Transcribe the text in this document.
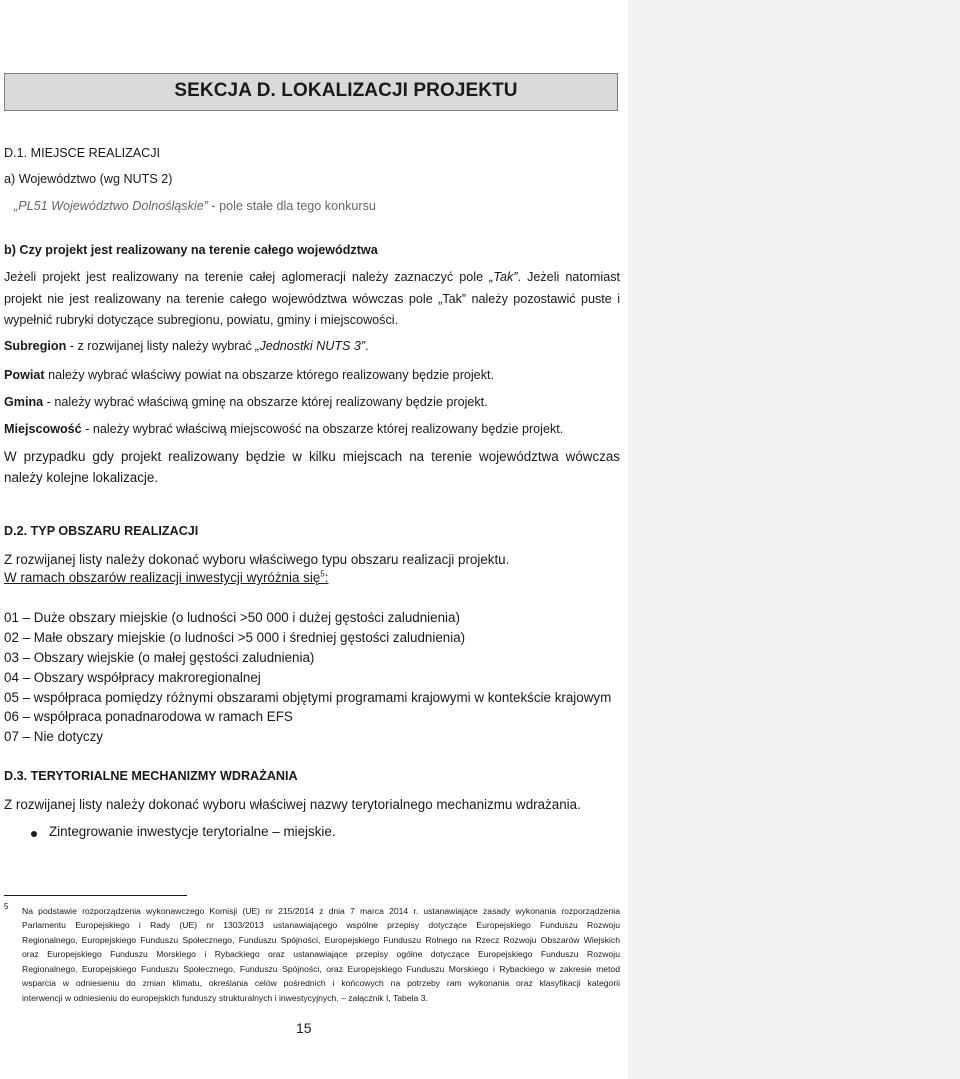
SEKCJA D. LOKALIZACJI PROJEKTU
D.1. MIEJSCE REALIZACJI
a) Województwo (wg NUTS 2)
„PL51 Województwo Dolnośląskie” - pole stałe dla tego konkursu
b) Czy projekt jest realizowany na terenie całego województwa
Jeżeli projekt jest realizowany na terenie całej aglomeracji należy zaznaczyć pole „Tak”. Jeżeli natomiast projekt nie jest realizowany na terenie całego województwa wówczas pole „Tak” należy pozostawić puste i wypełnić rubryki dotyczące subregionu, powiatu, gminy i miejscowości.
Subregion - z rozwijanej listy należy wybrać „Jednostki NUTS 3”.
Powiat należy wybrać właściwy powiat na obszarze którego realizowany będzie projekt.
Gmina - należy wybrać właściwą gminę na obszarze której realizowany będzie projekt.
Miejscowość - należy wybrać właściwą miejscowość na obszarze której realizowany będzie projekt.
W przypadku gdy projekt realizowany będzie w kilku miejscach na terenie województwa wówczas należy kolejne lokalizacje.
D.2. TYP OBSZARU REALIZACJI
Z rozwijanej listy należy dokonać wyboru właściwego typu obszaru realizacji projektu.
W ramach obszarów realizacji inwestycji wyróżnia się$^5$:
01 – Duże obszary miejskie (o ludności >50 000 i dużej gęstości zaludnienia)
02 – Małe obszary miejskie (o ludności >5 000 i średniej gęstości zaludnienia)
03 – Obszary wiejskie (o małej gęstości zaludnienia)
04 – Obszary współpracy makroregionalnej
05 – współpraca pomiędzy różnymi obszarami objętymi programami krajowymi w kontekście krajowym
06 – współpraca ponadnarodowa w ramach EFS
07 – Nie dotyczy
D.3. TERYTORIALNE MECHANIZMY WDRAŻANIA
Z rozwijanej listy należy dokonać wyboru właściwej nazwy terytorialnego mechanizmu wdrażania.
Zintegrowanie inwestycje terytorialne – miejskie.
5 Na podstawie rozporządzenia wykonawczego Komisji (UE) nr 215/2014 z dnia 7 marca 2014 r. ustanawiające zasady wykonania rozporządzenia
Parlamentu Europejskiego i Rady (UE) nr 1303/2013 ustanawiającego wspólne przepisy dotyczące Europejskiego Funduszu Rozwoju
Regionalnego, Europejskiego Funduszu Społecznego, Funduszu Spójności, Europejskiego Funduszu Rolnego na Rzecz Rozwoju Obszarów Wiejskich
oraz Europejskiego Funduszu Morskiego i Rybackiego oraz ustanawiające przepisy ogólne dotyczące Europejskiego Funduszu Rozwoju
Regionalnego, Europejskiego Funduszu Społecznego, Funduszu Spójności, oraz Europejskiego Funduszu Morskiego i Rybackiego w zakresie metod
wsparcia w odniesieniu do zmian klimatu, określania celów pośrednich i końcowych na potrzeby ram wykonania oraz klasyfikacji kategorii
interwencji w odniesieniu do europejskich funduszy strukturalnych i inwestycyjnych. – załącznik I, Tabela 3.
15
